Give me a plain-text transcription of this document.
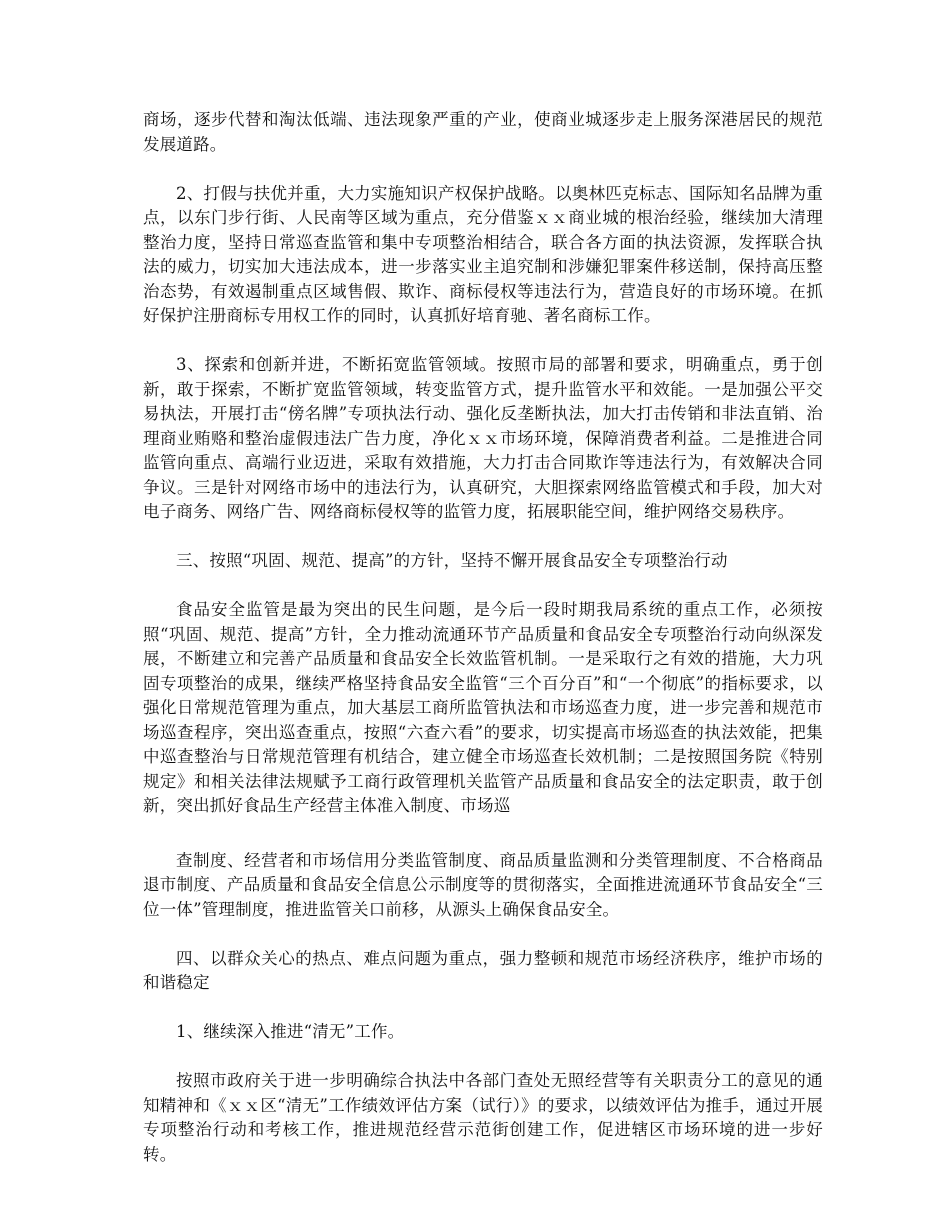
商场，逐步代替和淘汰低端、违法现象严重的产业，使商业城逐步走上服务深港居民的规范发展道路。

2、打假与扶优并重，大力实施知识产权保护战略。以奥林匹克标志、国际知名品牌为重点，以东门步行街、人民南等区域为重点，充分借鉴ｘｘ商业城的根治经验，继续加大清理整治力度，坚持日常巡查监管和集中专项整治相结合，联合各方面的执法资源，发挥联合执法的威力，切实加大违法成本，进一步落实业主追究制和涉嫌犯罪案件移送制，保持高压整治态势，有效遏制重点区域售假、欺诈、商标侵权等违法行为，营造良好的市场环境。在抓好保护注册商标专用权工作的同时，认真抓好培育驰、著名商标工作。

3、探索和创新并进，不断拓宽监管领域。按照市局的部署和要求，明确重点，勇于创新，敢于探索，不断扩宽监管领域，转变监管方式，提升监管水平和效能。一是加强公平交易执法，开展打击“傍名牌”专项执法行动、强化反垄断执法，加大打击传销和非法直销、治理商业贿赂和整治虚假违法广告力度，净化ｘｘ市场环境，保障消费者利益。二是推进合同监管向重点、高端行业迈进，采取有效措施，大力打击合同欺诈等违法行为，有效解决合同争议。三是针对网络市场中的违法行为，认真研究，大胆探索网络监管模式和手段，加大对电子商务、网络广告、网络商标侵权等的监管力度，拓展职能空间，维护网络交易秩序。

三、按照“巩固、规范、提高”的方针，坚持不懈开展食品安全专项整治行动

食品安全监管是最为突出的民生问题，是今后一段时期我局系统的重点工作，必须按照“巩固、规范、提高”方针，全力推动流通环节产品质量和食品安全专项整治行动向纵深发展，不断建立和完善产品质量和食品安全长效监管机制。一是采取行之有效的措施，大力巩固专项整治的成果，继续严格坚持食品安全监管“三个百分百”和“一个彻底”的指标要求，以强化日常规范管理为重点，加大基层工商所监管执法和市场巡查力度，进一步完善和规范市场巡查程序，突出巡查重点，按照“六查六看”的要求，切实提高市场巡查的执法效能，把集中巡查整治与日常规范管理有机结合，建立健全市场巡查长效机制；二是按照国务院《特别规定》和相关法律法规赋予工商行政管理机关监管产品质量和食品安全的法定职责，敢于创新，突出抓好食品生产经营主体准入制度、市场巡

查制度、经营者和市场信用分类监管制度、商品质量监测和分类管理制度、不合格商品退市制度、产品质量和食品安全信息公示制度等的贯彻落实，全面推进流通环节食品安全“三位一体”管理制度，推进监管关口前移，从源头上确保食品安全。

四、以群众关心的热点、难点问题为重点，强力整顿和规范市场经济秩序，维护市场的和谐稳定

1、继续深入推进“清无”工作。

按照市政府关于进一步明确综合执法中各部门查处无照经营等有关职责分工的意见的通知精神和《ｘｘ区“清无”工作绩效评估方案（试行）》的要求，以绩效评估为推手，通过开展专项整治行动和考核工作，推进规范经营示范街创建工作，促进辖区市场环境的进一步好转。
